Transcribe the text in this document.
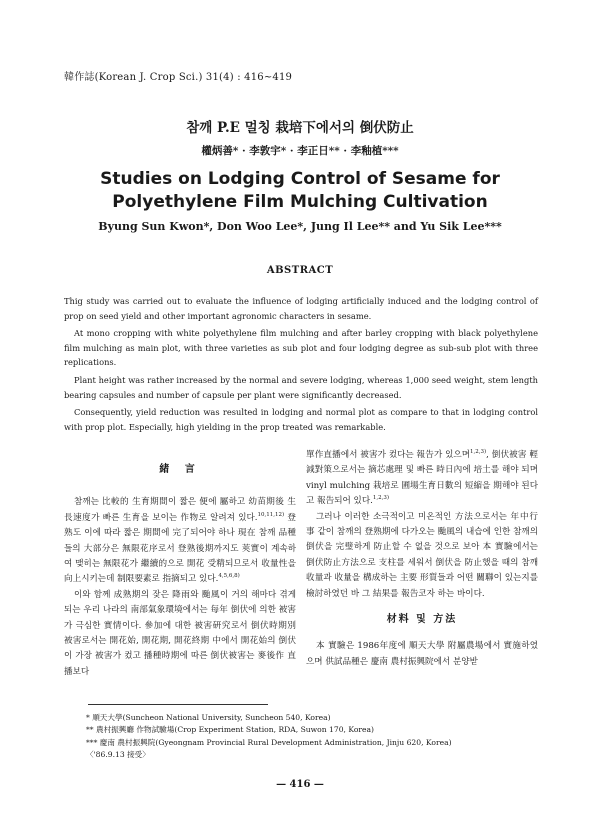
韓作誌(Korean J. Crop Sci.) 31(4) : 416~419
참깨 P.E 멀칭 栽培下에서의 倒伏防止
權炳善* · 李敦宇* · 李正日** · 李釉植***
Studies on Lodging Control of Sesame for Polyethylene Film Mulching Cultivation
Byung Sun Kwon*, Don Woo Lee*, Jung Il Lee** and Yu Sik Lee***
ABSTRACT

Thig study was carried out to evaluate the influence of lodging artificially induced and the lodging control of prop on seed yield and other important agronomic characters in sesame.

At mono cropping with white polyethylene film mulching and after barley cropping with black polyethylene film mulching as main plot, with three varieties as sub plot and four lodging degree as sub-sub plot with three replications.

Plant height was rather increased by the normal and severe lodging, whereas 1,000 seed weight, stem length bearing capsules and number of capsule per plant were significantly decreased.

Consequently, yield reduction was resulted in lodging and normal plot as compare to that in lodging control with prop plot. Especially, high yielding in the prop treated was remarkable.

緒 言

참깨는 比較的 生育期間이 짧은 便에 屬하고 幼苗期後 生長速度가 빠른 生育을 보이는 作物로 알려져 있다.$^{10,11,12)}$ 登熟도 이에 따라 짧은 期間에 完了되어야 하나 現在 참깨 品種들의 大部分은 無限花序로서 登熟後期까지도 莢實이 계속하여 맺히는 無限花가 繼續的으로 開花 受精되므로서 收量性을 向上시키는데 制限要素로 指摘되고 있다.$^{4,5,6,8)}$

이와 함께 成熟期의 잦은 降雨와 颱風이 거의 해마다 겪게 되는 우리 나라의 南部氣象環境에서는 每年 倒伏에 의한 被害가 극심한 實情이다. 參加에 대한 被害硏究로서 倒伏時期別 被害로서는 開花始, 開花期, 開花終期 中에서 開花始의 倒伏이 가장 被害가 컸고 播種時期에 따른 倒伏被害는 麥後作 直播보다

單作直播에서 被害가 컸다는 報告가 있으며$^{1,2,3)}$, 倒伏被害 輕減對策으로서는 摘芯處理 및 빠른 時日內에 培土를 해야 되며 vinyl mulching 栽培로 圃場生育日數의 短縮을 期해야 된다고 報告되어 있다.$^{1,2,3)}$

그러나 이러한 소극적이고 미온적인 方法으로서는 年中行事 같이 참깨의 登熟期에 다가오는 颱風의 내습에 인한 참깨의 倒伏을 完璧하게 防止할 수 없을 것으로 보아 本 實驗에서는 倒伏防止方法으로 支柱를 세워서 倒伏을 防止했을 때의 참깨 收量과 收量을 構成하는 主要 形質들과 어떤 關聯이 있는지를 檢討하였던 바 그 結果를 報告코자 하는 바이다.

材料 및 方法

本 實驗은 1986年度에 順天大學 附屬農場에서 實施하였으며 供試品種은 慶南 農村振興院에서 분양받

* 順天大學(Suncheon National University, Suncheon 540, Korea)
** 農村振興廳 作物試驗場(Crop Experiment Station, RDA, Suwon 170, Korea)
*** 慶南 農村振興院(Gyeongnam Provincial Rural Development Administration, Jinju 620, Korea)
〈'86.9.13 接受〉
— 416 —
